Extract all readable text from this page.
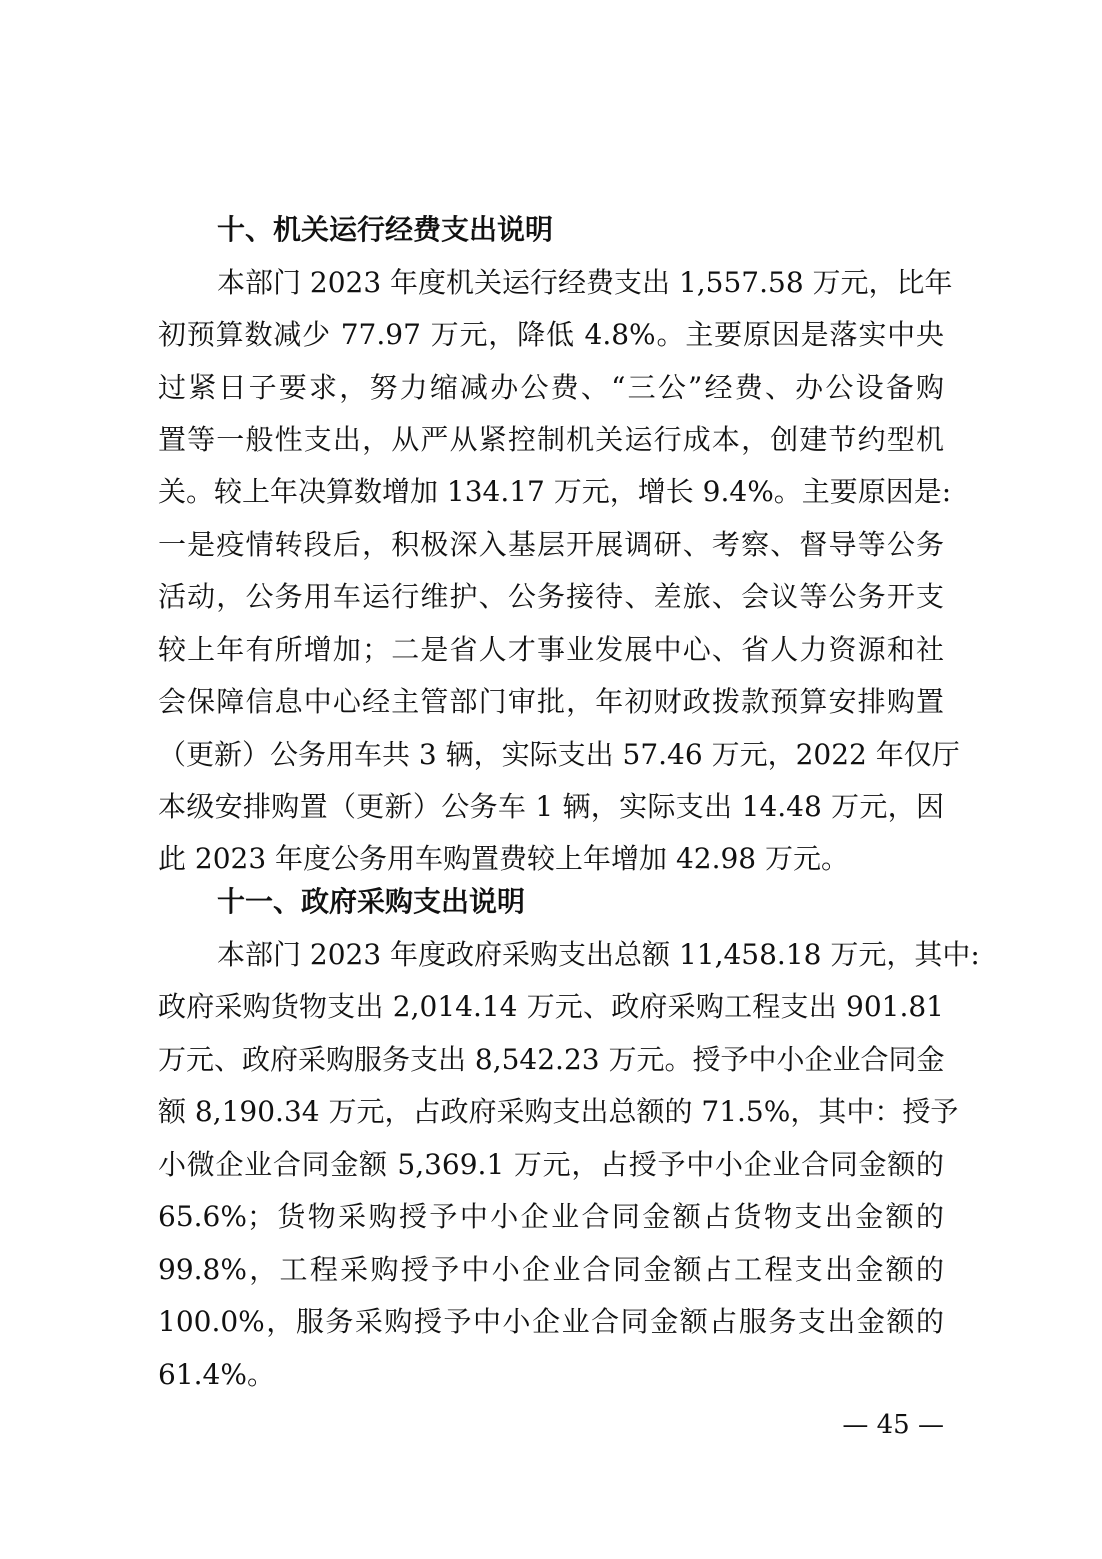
十、机关运行经费支出说明
本部门 2023 年度机关运行经费支出 1,557.58 万元，比年
初预算数减少 77.97 万元，降低 4.8%。主要原因是落实中央
过紧日子要求，努力缩减办公费、“三公”经费、办公设备购
置等一般性支出，从严从紧控制机关运行成本，创建节约型机
关。较上年决算数增加 134.17 万元，增长 9.4%。主要原因是:
一是疫情转段后，积极深入基层开展调研、考察、督导等公务
活动，公务用车运行维护、公务接待、差旅、会议等公务开支
较上年有所增加；二是省人才事业发展中心、省人力资源和社
会保障信息中心经主管部门审批，年初财政拨款预算安排购置
（更新）公务用车共 3 辆，实际支出 57.46 万元，2022 年仅厅
本级安排购置（更新）公务车 1 辆，实际支出 14.48 万元，因
此 2023 年度公务用车购置费较上年增加 42.98 万元。
十一、政府采购支出说明
本部门 2023 年度政府采购支出总额 11,458.18 万元，其中:
政府采购货物支出 2,014.14 万元、政府采购工程支出 901.81
万元、政府采购服务支出 8,542.23 万元。授予中小企业合同金
额 8,190.34 万元，占政府采购支出总额的 71.5%，其中：授予
小微企业合同金额 5,369.1 万元，占授予中小企业合同金额的
65.6%；货物采购授予中小企业合同金额占货物支出金额的
99.8%，工程采购授予中小企业合同金额占工程支出金额的
100.0%，服务采购授予中小企业合同金额占服务支出金额的
61.4%。
— 45 —
